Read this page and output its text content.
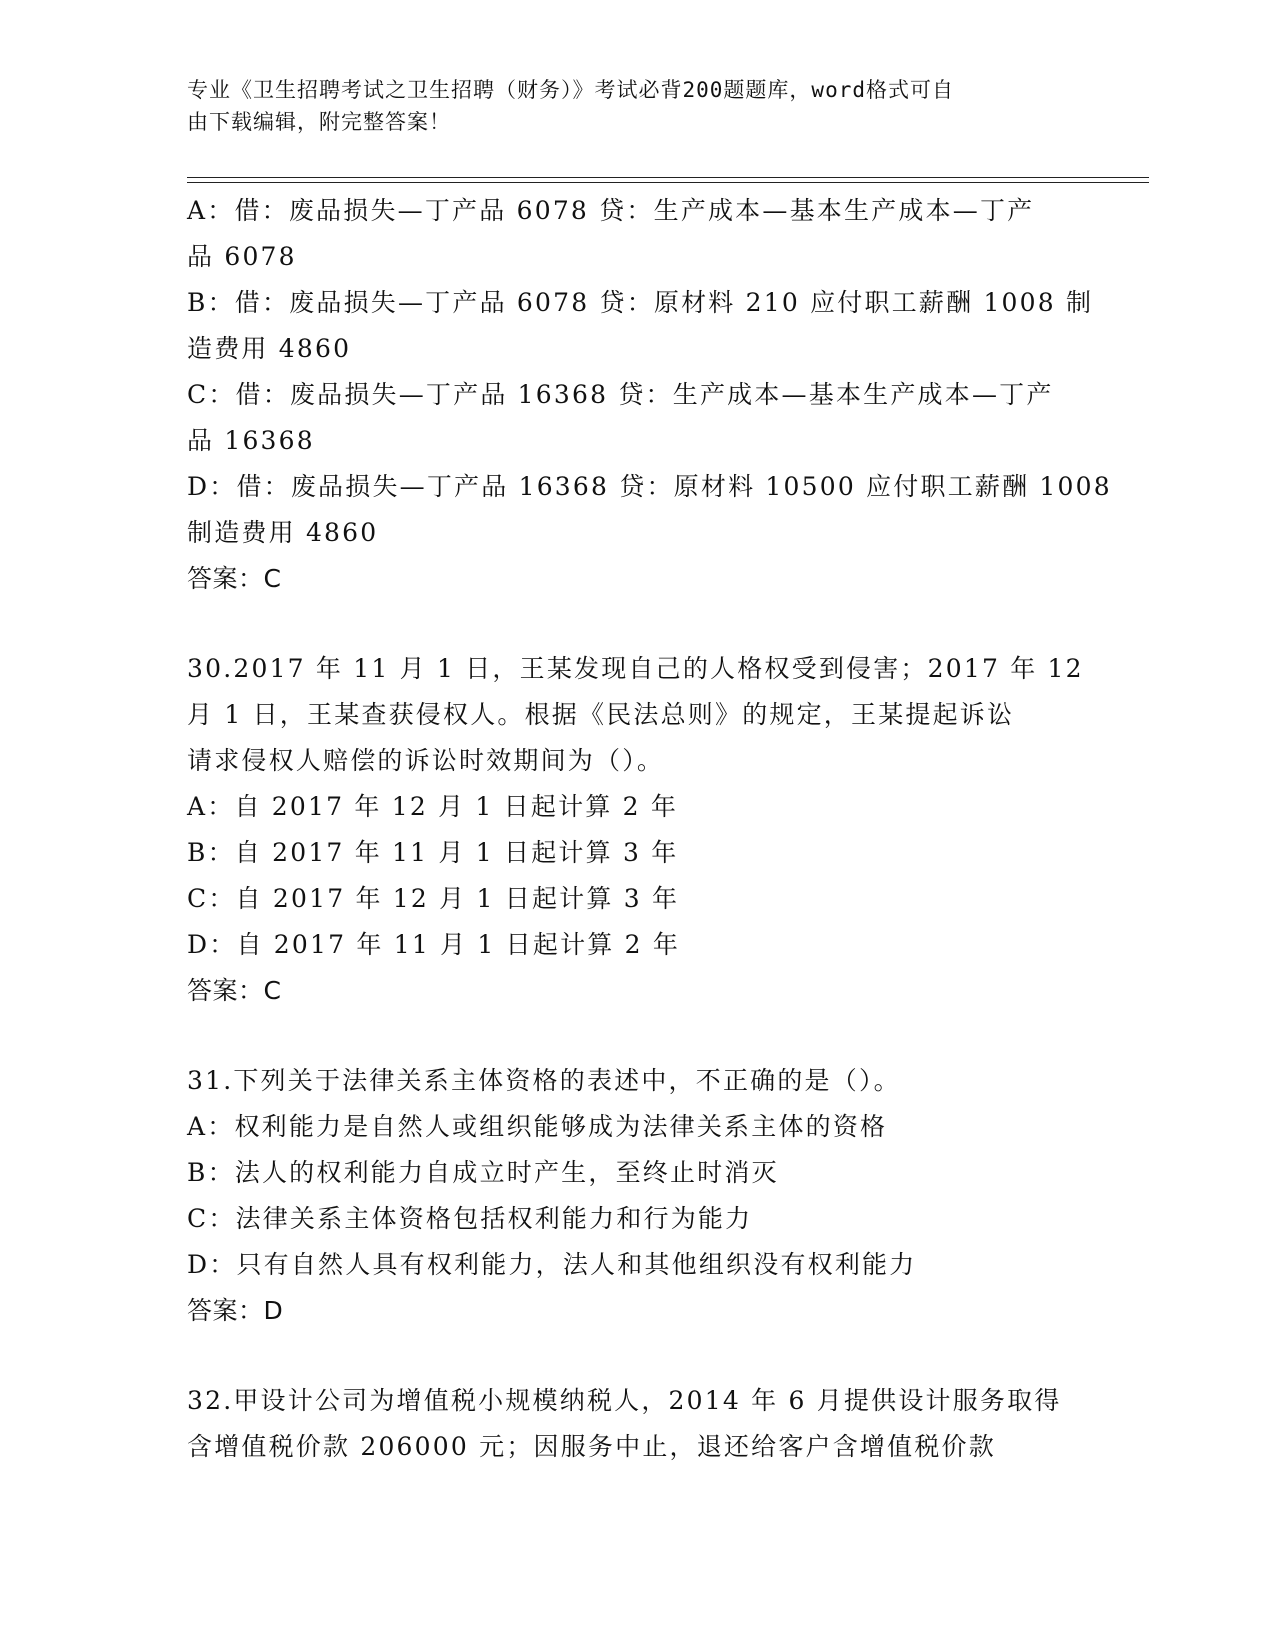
专业《卫生招聘考试之卫生招聘（财务）》考试必背200题题库，word格式可自
由下载编辑，附完整答案！
A：借：废品损失—丁产品 6078 贷：生产成本—基本生产成本—丁产
品 6078
B：借：废品损失—丁产品 6078 贷：原材料 210 应付职工薪酬 1008 制
造费用 4860
C：借：废品损失—丁产品 16368 贷：生产成本—基本生产成本—丁产
品 16368
D：借：废品损失—丁产品 16368 贷：原材料 10500 应付职工薪酬 1008
制造费用 4860
答案：C
30.2017 年 11 月 1 日，王某发现自己的人格权受到侵害；2017 年 12
月 1 日，王某查获侵权人。根据《民法总则》的规定，王某提起诉讼
请求侵权人赔偿的诉讼时效期间为（）。
A：自 2017 年 12 月 1 日起计算 2 年
B：自 2017 年 11 月 1 日起计算 3 年
C：自 2017 年 12 月 1 日起计算 3 年
D：自 2017 年 11 月 1 日起计算 2 年
答案：C
31.下列关于法律关系主体资格的表述中，不正确的是（）。
A：权利能力是自然人或组织能够成为法律关系主体的资格
B：法人的权利能力自成立时产生，至终止时消灭
C：法律关系主体资格包括权利能力和行为能力
D：只有自然人具有权利能力，法人和其他组织没有权利能力
答案：D
32.甲设计公司为增值税小规模纳税人，2014 年 6 月提供设计服务取得
含增值税价款 206000 元；因服务中止，退还给客户含增值税价款
